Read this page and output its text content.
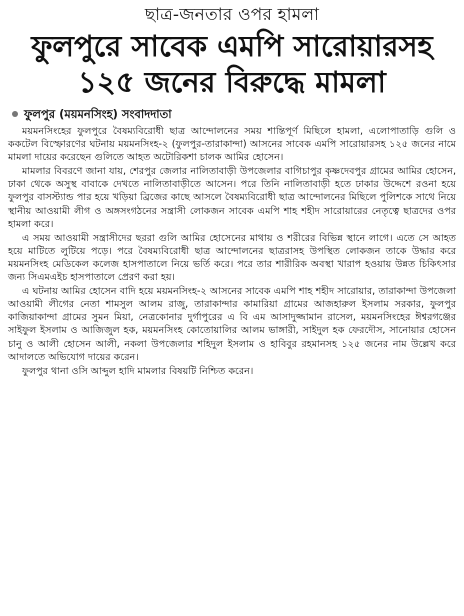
ছাত্র-জনতার ওপর হামলা
ফুলপুরে সাবেক এমপি সারোয়ারসহ
১২৫ জনের বিরুদ্ধে মামলা
ফুলপুর (ময়মনসিংহ) সংবাদদাতা

ময়মনসিংহের ফুলপুরে বৈষম্যবিরোধী ছাত্র আন্দোলনের সময় শান্তিপূর্ণ মিছিলে হামলা, এলোপাতাড়ি গুলি ও ককটেল বিস্ফোরণের ঘটনায় ময়মনসিংহ-২ (ফুলপুর-তারাকান্দা) আসনের সাবেক এমপি সারোয়ারসহ ১২৫ জনের নামে মামলা দায়ের করেছেন গুলিতে আহত অটোরিকশা চালক আমির হোসেন।

মামলার বিবরণে জানা যায়, শেরপুর জেলার নালিতাবাড়ী উপজেলার বাগিচাপুর কৃষ্ণদেবপুর গ্রামের আমির হোসেন, ঢাকা থেকে অসুস্থ বাবাকে দেখতে নালিতাবাড়ীতে আসেন। পরে তিনি নালিতাবাড়ী হতে ঢাকার উদ্দেশে রওনা হয়ে ফুলপুর বাসস্ট্যান্ড পার হয়ে খড়িয়া ব্রিজের কাছে আসলে বৈষম্যবিরোধী ছাত্র আন্দোলনের মিছিলে পুলিশকে সাথে নিয়ে স্থানীয় আওয়ামী লীগ ও অঙ্গসংগঠনের সন্ত্রাসী লোকজন সাবেক এমপি শাহ শহীদ সারোয়ারের নেতৃত্বে ছাত্রদের ওপর হামলা করে।

এ সময় আওয়ামী সন্ত্রাসীদের ছররা গুলি আমির হোসেনের মাথায় ও শরীরের বিভিন্ন স্থানে লাগে। এতে সে আহত হয়ে মাটিতে লুটিয়ে পড়ে। পরে বৈষম্যবিরোধী ছাত্র আন্দোলনের ছাত্ররাসহ উপস্থিত লোকজন তাকে উদ্ধার করে ময়মনসিংহ মেডিকেল কলেজ হাসপাতালে নিয়ে ভর্তি করে। পরে তার শারীরিক অবস্থা খারাপ হওয়ায় উন্নত চিকিৎসার জন্য সিএমএইচ হাসপাতালে প্রেরণ করা হয়।

এ ঘটনায় আমির হোসেন বাদি হয়ে ময়মনসিংহ-২ আসনের সাবেক এমপি শাহ শহীদ সারোয়ার, তারাকান্দা উপজেলা আওয়ামী লীগের নেতা শামসুল আলম রাজু, তারাকান্দার কামারিয়া গ্রামের আজহারুল ইসলাম সরকার, ফুলপুর কাজিয়াকান্দা গ্রামের সুমন মিয়া, নেত্রকোনার দুর্গাপুরের এ বি এম আসাদুজ্জামান রাসেল, ময়মনসিংহের ঈশ্বরগঞ্জের সাইফুল ইসলাম ও আজিজুল হক, ময়মনসিংহ কোতোয়ালির আলম ভাঙ্গারী, সাইদুল হক ফেরদৌস, সানোয়ার হোসেন চানু ও আলী হোসেন আলী, নকলা উপজেলার শহিদুল ইসলাম ও হাবিবুর রহমানসহ ১২৫ জনের নাম উল্লেখ করে আদালতে অভিযোগ দায়ের করেন।

ফুলপুর থানা ওসি আব্দুল হাদি মামলার বিষয়টি নিশ্চিত করেন।
